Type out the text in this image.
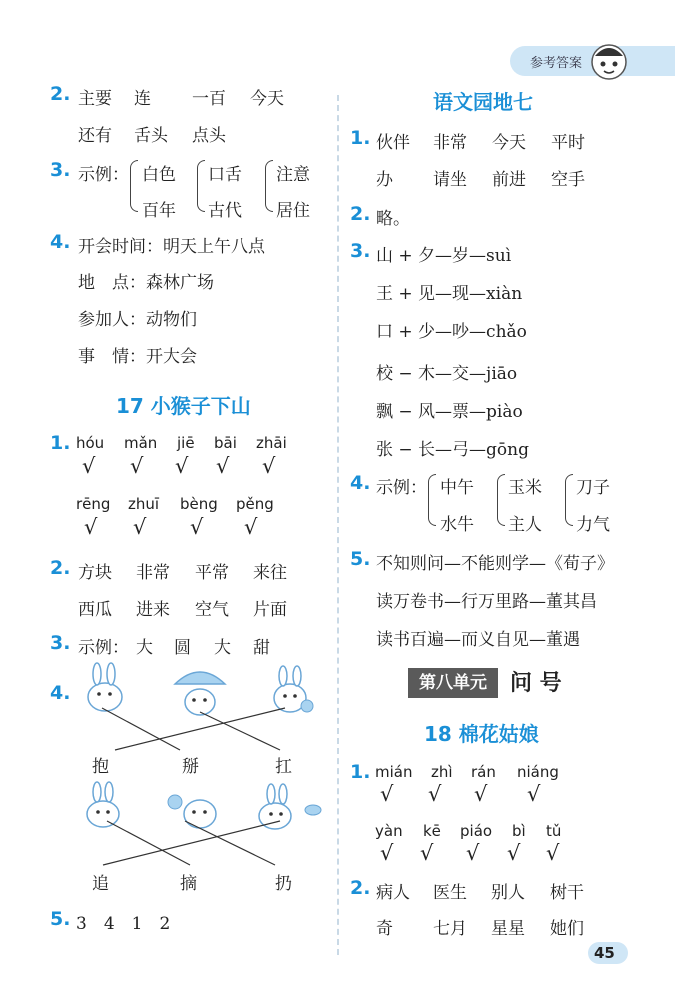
参考答案
2. 主要 连 一百 今天
还有 舌头 点头
3. 示例： 白色
百年
口舌
古代
注意
居住
4. 开会时间：明天上午八点
地　点：森林广场
参加人：动物们
事　情：开大会
17 小猴子下山
1. hóu mǎn jiē bāi zhāi
√ √ √ √ √
rēng zhuī bèng pěng
√ √ √ √
2. 方块 非常 平常 来往
西瓜 进来 空气 片面
3. 示例： 大 圆 大 甜
4.
抱	掰	扛
追	摘	扔
5. 3　4　1　2
语文园地七
1. 伙伴 非常 今天 平时
办 请坐 前进 空手
2. 略。
3. 山 + 夕—岁—suì
王 + 见—现—xiàn
口 + 少—吵—chǎo
校 − 木—交—jiāo
飘 − 风—票—piào
张 − 长—弓—gōng
4. 示例： 中午
水牛
玉米
主人
刀子
力气
5. 不知则问—不能则学—《荀子》
读万卷书—行万里路—董其昌
读书百遍—而义自见—董遇
第八单元	问 号
18 棉花姑娘
1. mián zhì rán niáng
√ √ √ √
yàn kē piáo bì tǔ
√ √ √ √ √
2. 病人 医生 别人 树干
奇 七月 星星 她们
45
